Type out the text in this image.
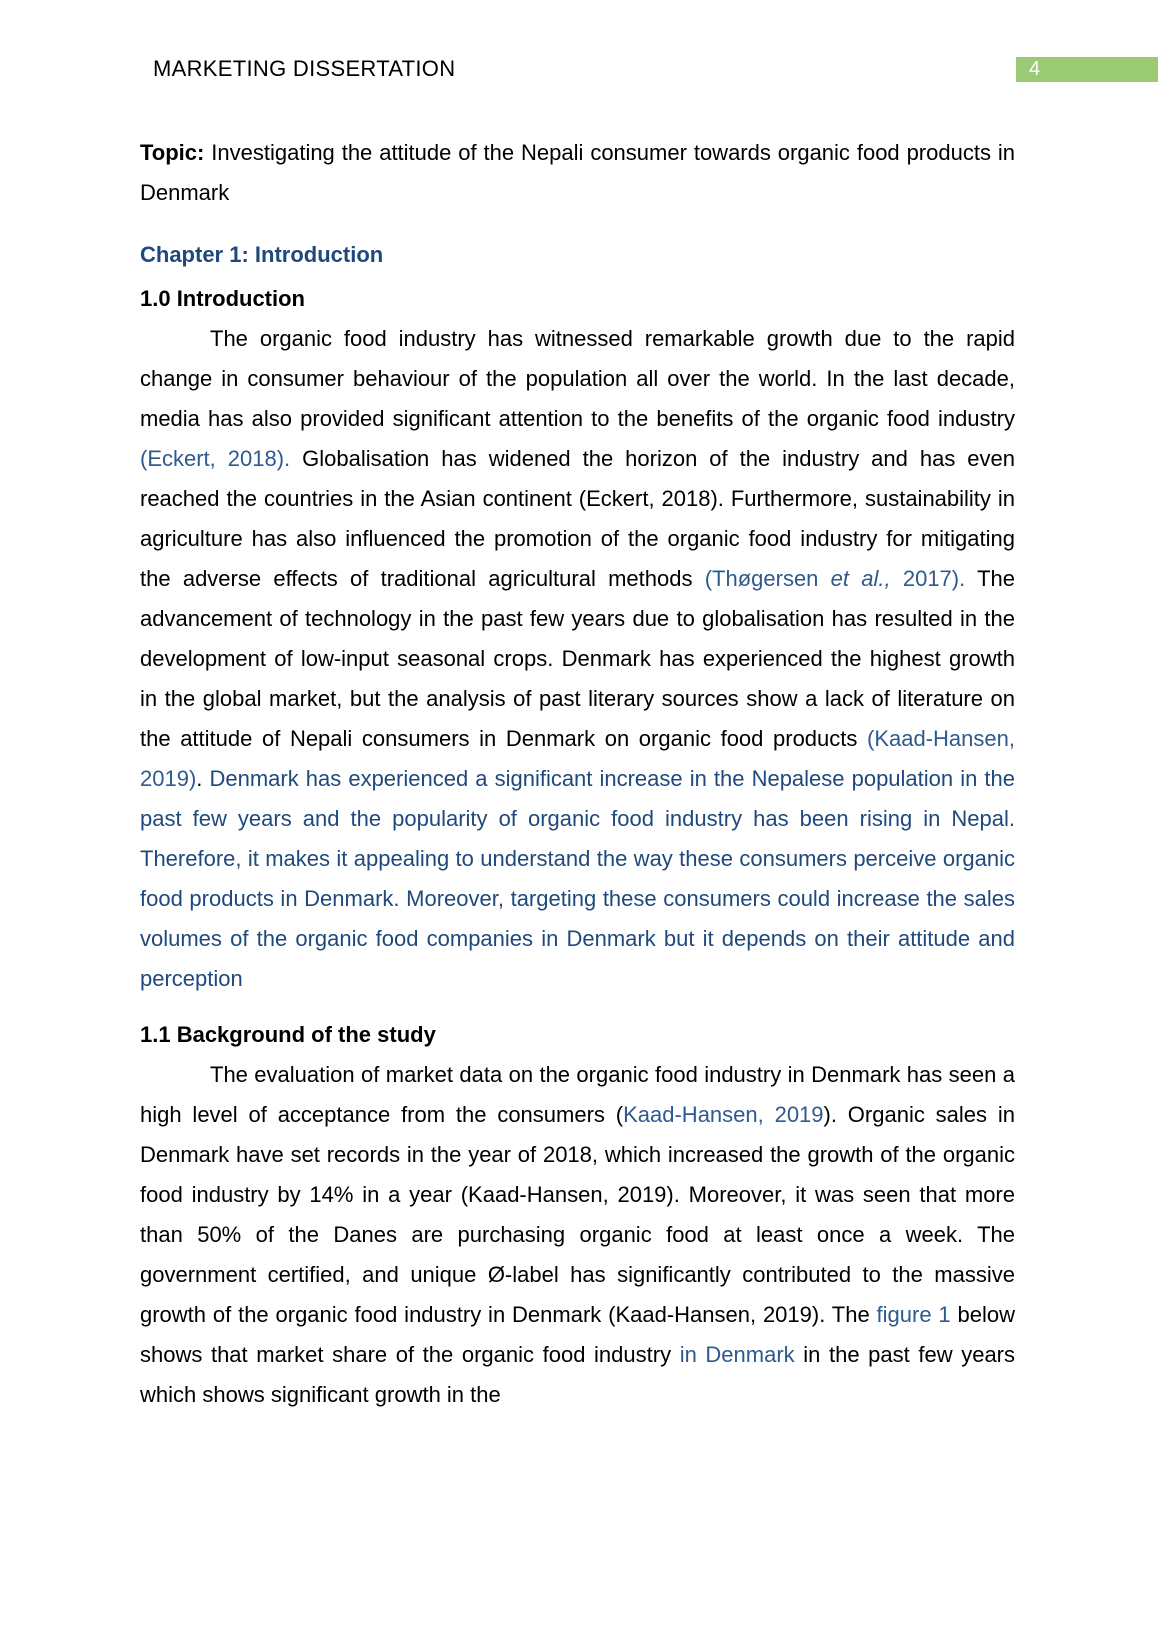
MARKETING DISSERTATION	4

Topic: Investigating the attitude of the Nepali consumer towards organic food products in Denmark

Chapter 1: Introduction

1.0 Introduction

The organic food industry has witnessed remarkable growth due to the rapid change in consumer behaviour of the population all over the world. In the last decade, media has also provided significant attention to the benefits of the organic food industry (Eckert, 2018). Globalisation has widened the horizon of the industry and has even reached the countries in the Asian continent (Eckert, 2018). Furthermore, sustainability in agriculture has also influenced the promotion of the organic food industry for mitigating the adverse effects of traditional agricultural methods (Thøgersen et al., 2017). The advancement of technology in the past few years due to globalisation has resulted in the development of low-input seasonal crops. Denmark has experienced the highest growth in the global market, but the analysis of past literary sources show a lack of literature on the attitude of Nepali consumers in Denmark on organic food products (Kaad-Hansen, 2019). Denmark has experienced a significant increase in the Nepalese population in the past few years and the popularity of organic food industry has been rising in Nepal. Therefore, it makes it appealing to understand the way these consumers perceive organic food products in Denmark. Moreover, targeting these consumers could increase the sales volumes of the organic food companies in Denmark but it depends on their attitude and perception

1.1 Background of the study

The evaluation of market data on the organic food industry in Denmark has seen a high level of acceptance from the consumers (Kaad-Hansen, 2019). Organic sales in Denmark have set records in the year of 2018, which increased the growth of the organic food industry by 14% in a year (Kaad-Hansen, 2019). Moreover, it was seen that more than 50% of the Danes are purchasing organic food at least once a week. The government certified, and unique Ø-label has significantly contributed to the massive growth of the organic food industry in Denmark (Kaad-Hansen, 2019). The figure 1 below shows that market share of the organic food industry in Denmark in the past few years which shows significant growth in the
